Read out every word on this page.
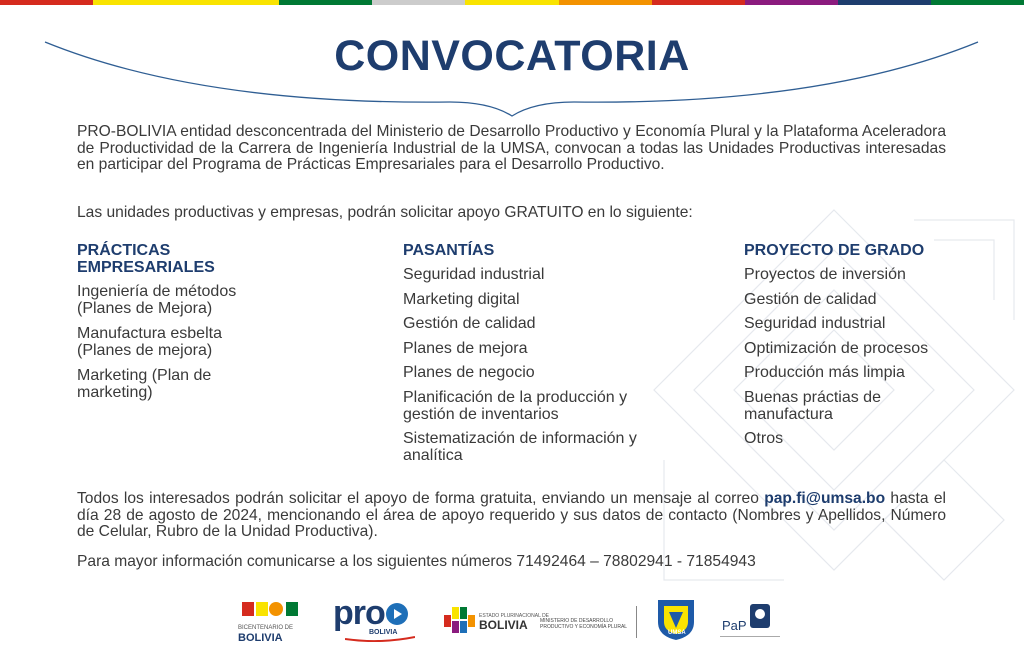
CONVOCATORIA
PRO-BOLIVIA entidad desconcentrada del Ministerio de Desarrollo Productivo y Economía Plural y la Plataforma Aceleradora de Productividad de la Carrera de Ingeniería Industrial de la UMSA, convocan a todas las Unidades Productivas interesadas en participar del Programa de Prácticas Empresariales para el Desarrollo Productivo.
Las unidades productivas y empresas, podrán solicitar apoyo GRATUITO en lo siguiente:
PRÁCTICAS EMPRESARIALES
Ingeniería de métodos (Planes de Mejora)
Manufactura esbelta (Planes de mejora)
Marketing (Plan de marketing)
PASANTÍAS
Seguridad industrial
Marketing digital
Gestión de calidad
Planes de mejora
Planes de negocio
Planificación de la producción y gestión de inventarios
Sistematización de información y analítica
PROYECTO DE GRADO
Proyectos de inversión
Gestión de calidad
Seguridad industrial
Optimización de procesos
Producción más limpia
Buenas práctias de manufactura
Otros
Todos los interesados podrán solicitar el apoyo de forma gratuita, enviando un mensaje al correo pap.fi@umsa.bo hasta el día 28 de agosto de 2024, mencionando el área de apoyo requerido y sus datos de contacto (Nombres y Apellidos, Número de Celular, Rubro de la Unidad Productiva).
Para mayor información comunicarse a los siguientes números 71492464 – 78802941 - 71854943
BICENTENARIO DE
BOLIVIA
pro
BOLIVIA
ESTADO PLURINACIONAL DE
BOLIVIA MINISTERIO DE DESARROLLO
PRODUCTIVO Y ECONOMÍA PLURAL
UMSA	PaP
